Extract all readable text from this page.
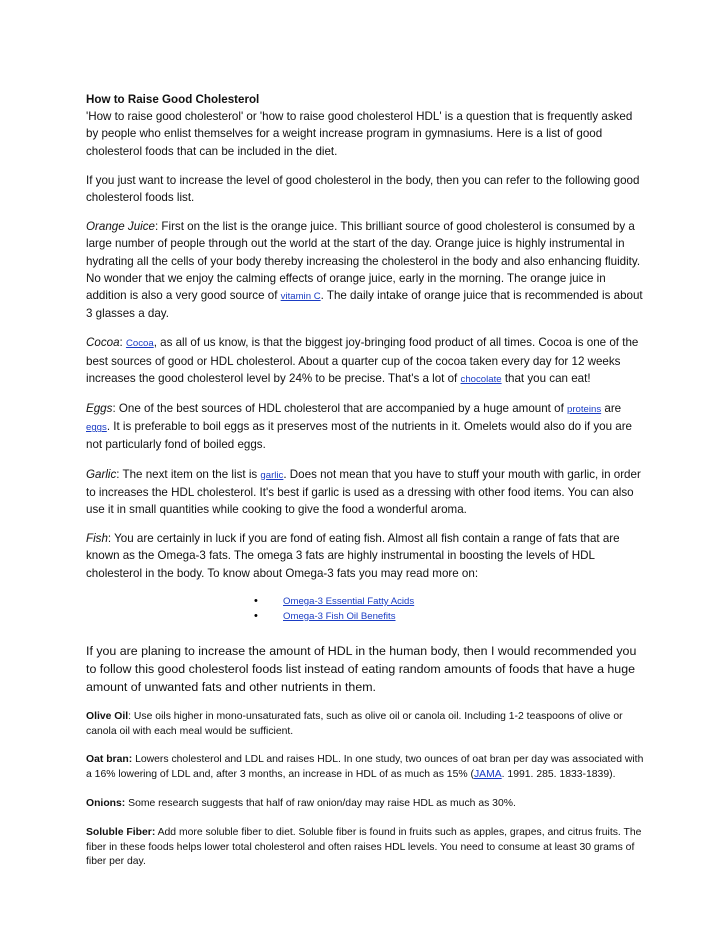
How to Raise Good Cholesterol
'How to raise good cholesterol' or 'how to raise good cholesterol HDL' is a question that is frequently asked by people who enlist themselves for a weight increase program in gymnasiums. Here is a list of good cholesterol foods that can be included in the diet.

If you just want to increase the level of good cholesterol in the body, then you can refer to the following good cholesterol foods list.

Orange Juice: First on the list is the orange juice. This brilliant source of good cholesterol is consumed by a large number of people through out the world at the start of the day. Orange juice is highly instrumental in hydrating all the cells of your body thereby increasing the cholesterol in the body and also enhancing fluidity. No wonder that we enjoy the calming effects of orange juice, early in the morning. The orange juice in addition is also a very good source of vitamin C. The daily intake of orange juice that is recommended is about 3 glasses a day.

Cocoa: Cocoa, as all of us know, is that the biggest joy-bringing food product of all times. Cocoa is one of the best sources of good or HDL cholesterol. About a quarter cup of the cocoa taken every day for 12 weeks increases the good cholesterol level by 24% to be precise. That's a lot of chocolate that you can eat!

Eggs: One of the best sources of HDL cholesterol that are accompanied by a huge amount of proteins are eggs. It is preferable to boil eggs as it preserves most of the nutrients in it. Omelets would also do if you are not particularly fond of boiled eggs.

Garlic: The next item on the list is garlic. Does not mean that you have to stuff your mouth with garlic, in order to increases the HDL cholesterol. It's best if garlic is used as a dressing with other food items. You can also use it in small quantities while cooking to give the food a wonderful aroma.

Fish: You are certainly in luck if you are fond of eating fish. Almost all fish contain a range of fats that are known as the Omega-3 fats. The omega 3 fats are highly instrumental in boosting the levels of HDL cholesterol in the body. To know about Omega-3 fats you may read more on:

•	Omega-3 Essential Fatty Acids
•	Omega-3 Fish Oil Benefits

If you are planing to increase the amount of HDL in the human body, then I would recommended you to follow this good cholesterol foods list instead of eating random amounts of foods that have a huge amount of unwanted fats and other nutrients in them.

Olive Oil: Use oils higher in mono-unsaturated fats, such as olive oil or canola oil. Including 1-2 teaspoons of olive or canola oil with each meal would be sufficient.

Oat bran: Lowers cholesterol and LDL and raises HDL. In one study, two ounces of oat bran per day was associated with a 16% lowering of LDL and, after 3 months, an increase in HDL of as much as 15% (JAMA. 1991. 285. 1833-1839).

Onions: Some research suggests that half of raw onion/day may raise HDL as much as 30%.

Soluble Fiber: Add more soluble fiber to diet. Soluble fiber is found in fruits such as apples, grapes, and citrus fruits. The fiber in these foods helps lower total cholesterol and often raises HDL levels. You need to consume at least 30 grams of fiber per day.
